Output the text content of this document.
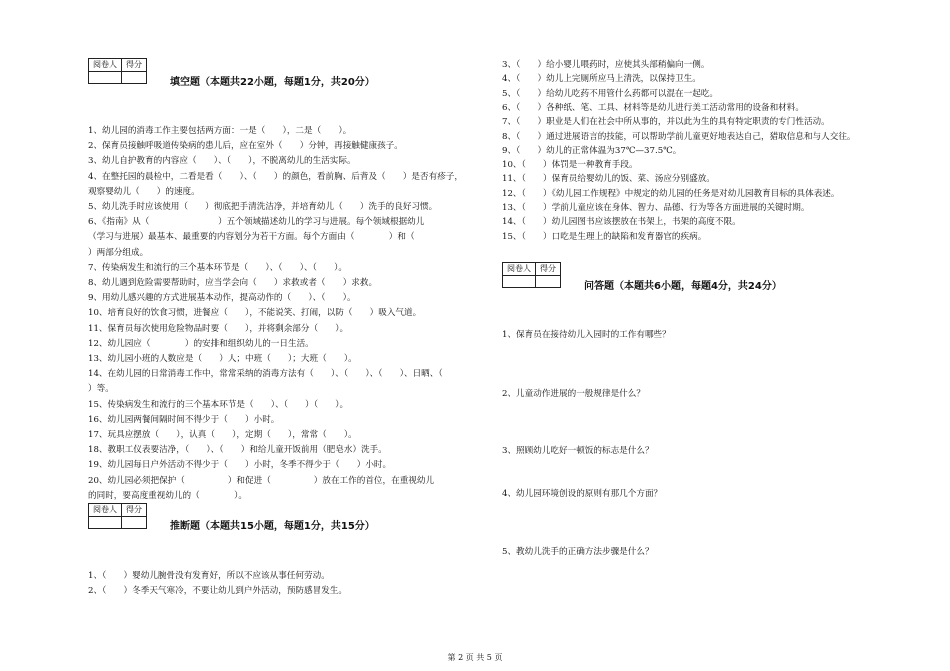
阅卷人	得分

填空题（本题共22小题，每题1分，共20分）
1、幼儿园的消毒工作主要包括两方面：一是（　　），二是（　　）。
2、保育员接触呼吸道传染病的患儿后，应在室外（　　）分钟，再接触健康孩子。
3、幼儿自护教育的内容应（　　）、（　　），不脱离幼儿的生活实际。
4、在整托园的晨检中，二看是看（　　）、（　　）的颜色，看前胸、后背及（　　）是否有疹子，
观察婴幼儿（　　）的速度。
5、幼儿洗手时应该使用（　　）彻底把手清洗洁净，并培育幼儿（　　）洗手的良好习惯。
6、《指南》从（　　　　　　　　）五个领域描述幼儿的学习与进展。每个领域根据幼儿
（学习与进展）最基本、最重要的内容划分为若干方面。每个方面由（　　　　）和（
）两部分组成。
7、传染病发生和流行的三个基本环节是（　　）、（　　）、（　　）。
8、幼儿遇到危险需要帮助时，应当学会向（　　）求救或者（　　）求救。
9、用幼儿感兴趣的方式进展基本动作，提高动作的（　　）、（　　）。
10、培育良好的饮食习惯，进餐应（　　），不能说笑、打闹，以防（　　）吸入气道。
11、保育员每次使用危险物品时要（　　），并将剩余部分（　　）。
12、幼儿园应（　　　　）的安排和组织幼儿的一日生活。
13、幼儿园小班的人数应是（　　）人；中班（　　）；大班（　　）。
14、在幼儿园的日常消毒工作中，常常采纳的消毒方法有（　　）、（　　）、（　　）、日晒、（
）等。
15、传染病发生和流行的三个基本环节是（　　）、（　　）（　　）。
16、幼儿园两餐间隔时间不得少于（　　）小时。
17、玩具应摆放（　　），认真（　　），定期（　　），常常（　　）。
18、教职工仪表要洁净，（　　）、（　　）和给儿童开饭前用（肥皂水）洗手。
19、幼儿园每日户外活动不得少于（　　）小时，冬季不得少于（　　）小时。
20、幼儿园必须把保护（　　　　　）和促进（　　　　　）放在工作的首位，在重视幼儿
的同时，要高度重视幼儿的（　　　　）。
阅卷人	得分

推断题（本题共15小题，每题1分，共15分）
1、（　　）婴幼儿腕骨没有发育好，所以不应该从事任何劳动。
2、（　　）冬季天气寒冷，不要让幼儿到户外活动，预防感冒发生。
3、（　　）给小婴儿喂药时，应使其头部稍偏向一侧。
4、（　　）幼儿上完厕所应马上清洗，以保持卫生。
5、（　　）给幼儿吃药不用管什么药都可以混在一起吃。
6、（　　）各种纸、笔、工具、材料等是幼儿进行美工活动常用的设备和材料。
7、（　　）职业是人们在社会中所从事的，并以此为生的具有特定职责的专门性活动。
8、（　　）通过进展语言的技能，可以帮助学前儿童更好地表达自己，猎取信息和与人交往。
9、（　　）幼儿的正常体温为37℃—37.5℃。
10、（　　）体罚是一种教育手段。
11、（　　）保育员给婴幼儿的饭、菜、汤应分别盛放。
12、（　　）《幼儿园工作规程》中规定的幼儿园的任务是对幼儿园教育目标的具体表述。
13、（　　）学前儿童应该在身体、智力、品德、行为等各方面进展的关键时期。
14、（　　）幼儿园图书应该摆放在书架上，书架的高度不限。
15、（　　）口吃是生理上的缺陷和发育器官的疾病。
阅卷人	得分

问答题（本题共6小题，每题4分，共24分）
1、保育员在接待幼儿入园时的工作有哪些？
2、儿童动作进展的一般规律是什么？
3、照顾幼儿吃好一顿饭的标志是什么？
4、幼儿园环境创设的原则有那几个方面？
5、教幼儿洗手的正确方法步骤是什么？
第 2 页 共 5 页
